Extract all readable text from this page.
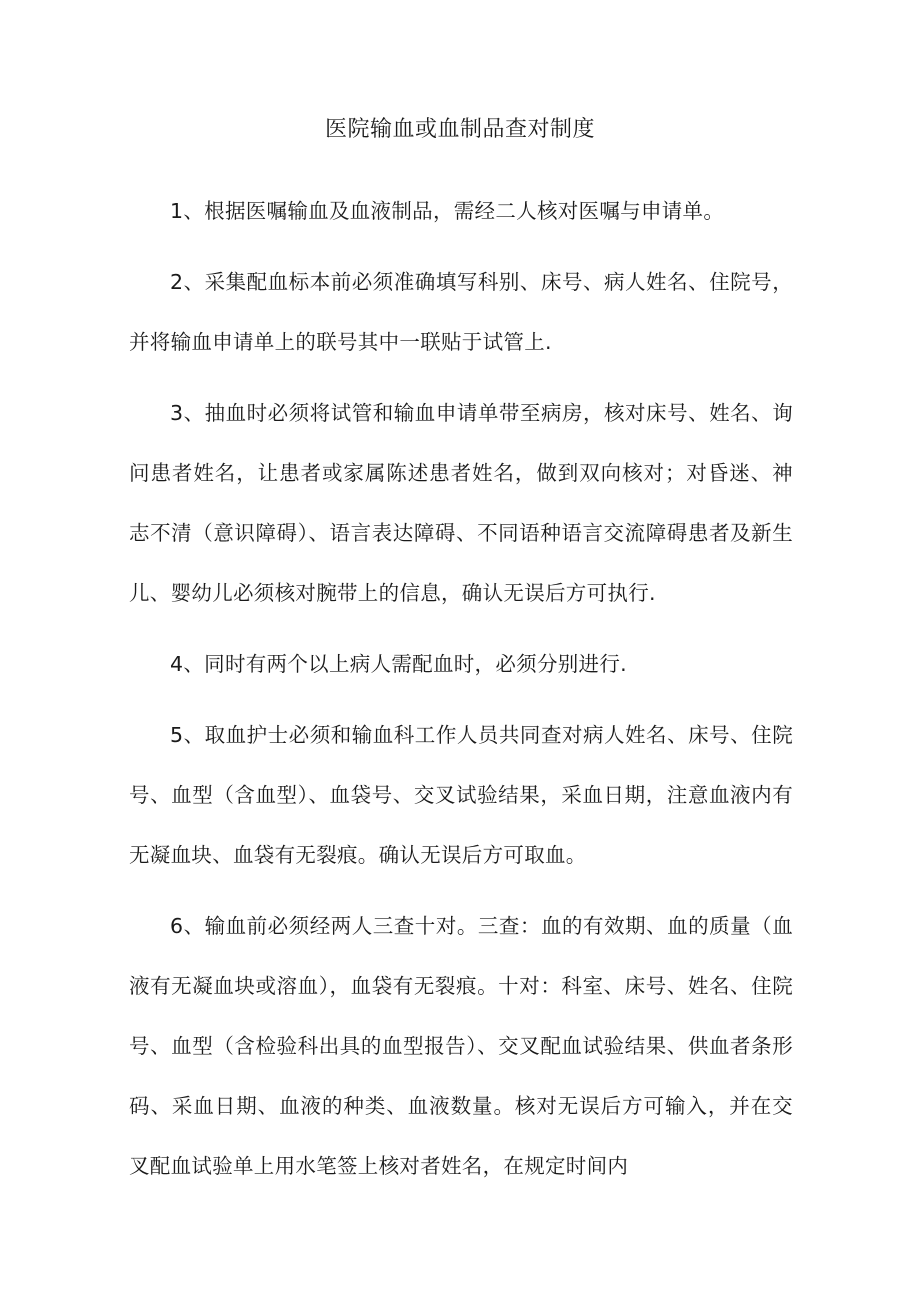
医院输血或血制品查对制度

1、根据医嘱输血及血液制品，需经二人核对医嘱与申请单。

2、采集配血标本前必须准确填写科别、床号、病人姓名、住院号，并将输血申请单上的联号其中一联贴于试管上.

3、抽血时必须将试管和输血申请单带至病房，核对床号、姓名、询问患者姓名，让患者或家属陈述患者姓名，做到双向核对；对昏迷、神志不清（意识障碍）、语言表达障碍、不同语种语言交流障碍患者及新生儿、婴幼儿必须核对腕带上的信息，确认无误后方可执行.

4、同时有两个以上病人需配血时，必须分别进行.

5、取血护士必须和输血科工作人员共同查对病人姓名、床号、住院号、血型（含血型）、血袋号、交叉试验结果，采血日期，注意血液内有无凝血块、血袋有无裂痕。确认无误后方可取血。

6、输血前必须经两人三查十对。三查：血的有效期、血的质量（血液有无凝血块或溶血），血袋有无裂痕。十对：科室、床号、姓名、住院号、血型（含检验科出具的血型报告）、交叉配血试验结果、供血者条形码、采血日期、血液的种类、血液数量。核对无误后方可输入，并在交叉配血试验单上用水笔签上核对者姓名，在规定时间内
